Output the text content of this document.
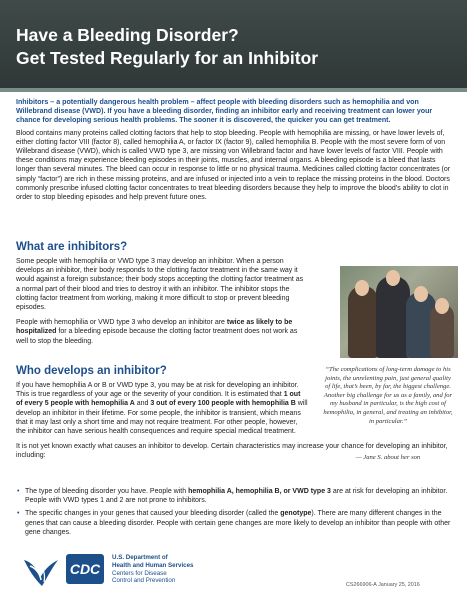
Have a Bleeding Disorder?
Get Tested Regularly for an Inhibitor

Inhibitors – a potentially dangerous health problem – affect people with bleeding disorders such as hemophilia and von Willebrand disease (VWD). If you have a bleeding disorder, finding an inhibitor early and receiving treatment can lower your chance for developing serious health problems. The sooner it is discovered, the quicker you can get treatment.

Blood contains many proteins called clotting factors that help to stop bleeding. People with hemophilia are missing, or have lower levels of, either clotting factor VIII (factor 8), called hemophilia A, or factor IX (factor 9), called hemophilia B. People with the most severe form of von Willebrand disease (VWD), which is called VWD type 3, are missing von Willebrand factor and have lower levels of factor VIII. People with these conditions may experience bleeding episodes in their joints, muscles, and internal organs. A bleeding episode is a bleed that lasts longer than several minutes. The bleed can occur in response to little or no physical trauma. Medicines called clotting factor concentrates (or simply “factor”) are rich in these missing proteins, and are infused or injected into a vein to replace the missing proteins in the blood. Doctors commonly prescribe infused clotting factor concentrates to treat bleeding disorders because they help to improve the blood’s ability to clot in order to stop bleeding episodes and help prevent future ones.

What are inhibitors?

Some people with hemophilia or VWD type 3 may develop an inhibitor. When a person develops an inhibitor, their body responds to the clotting factor treatment in the same way it would against a foreign substance; their body stops accepting the clotting factor treatment as a normal part of their blood and tries to destroy it with an inhibitor. The inhibitor stops the clotting factor treatment from working, making it more difficult to stop or prevent bleeding episodes.

People with hemophilia or VWD type 3 who develop an inhibitor are twice as likely to be hospitalized for a bleeding episode because the clotting factor treatment does not work as well to stop the bleeding.

Who develops an inhibitor?

If you have hemophilia A or B or VWD type 3, you may be at risk for developing an inhibitor. This is true regardless of your age or the severity of your condition. It is estimated that 1 out of every 5 people with hemophilia A and 3 out of every 100 people with hemophilia B will develop an inhibitor in their lifetime. For some people, the inhibitor is transient, which means that it may last only a short time and may not require treatment. For other people, however, the inhibitor can have serious health consequences and require special medical treatment.

It is not yet known exactly what causes an inhibitor to develop. Certain characteristics may increase your chance for developing an inhibitor, including:

“The complications of long-term damage to his joints, the unrelenting pain, just general quality of life, that’s been, by far, the biggest challenge. Another big challenge for us as a family, and for my husband in particular, is the high cost of hemophilia, in general, and treating an inhibitor, in particular.”
— Jane S. about her son
• The type of bleeding disorder you have. People with hemophilia A, hemophilia B, or VWD type 3 are at risk for developing an inhibitor. People with VWD types 1 and 2 are not prone to inhibitors.
• The specific changes in your genes that caused your bleeding disorder (called the genotype). There are many different changes in the genes that can cause a bleeding disorder. People with certain gene changes are more likely to develop an inhibitor than people with other gene changes.
CDC
U.S. Department of
Health and Human Services
Centers for Disease
Control and Prevention
CS266906-A January 25, 2016
